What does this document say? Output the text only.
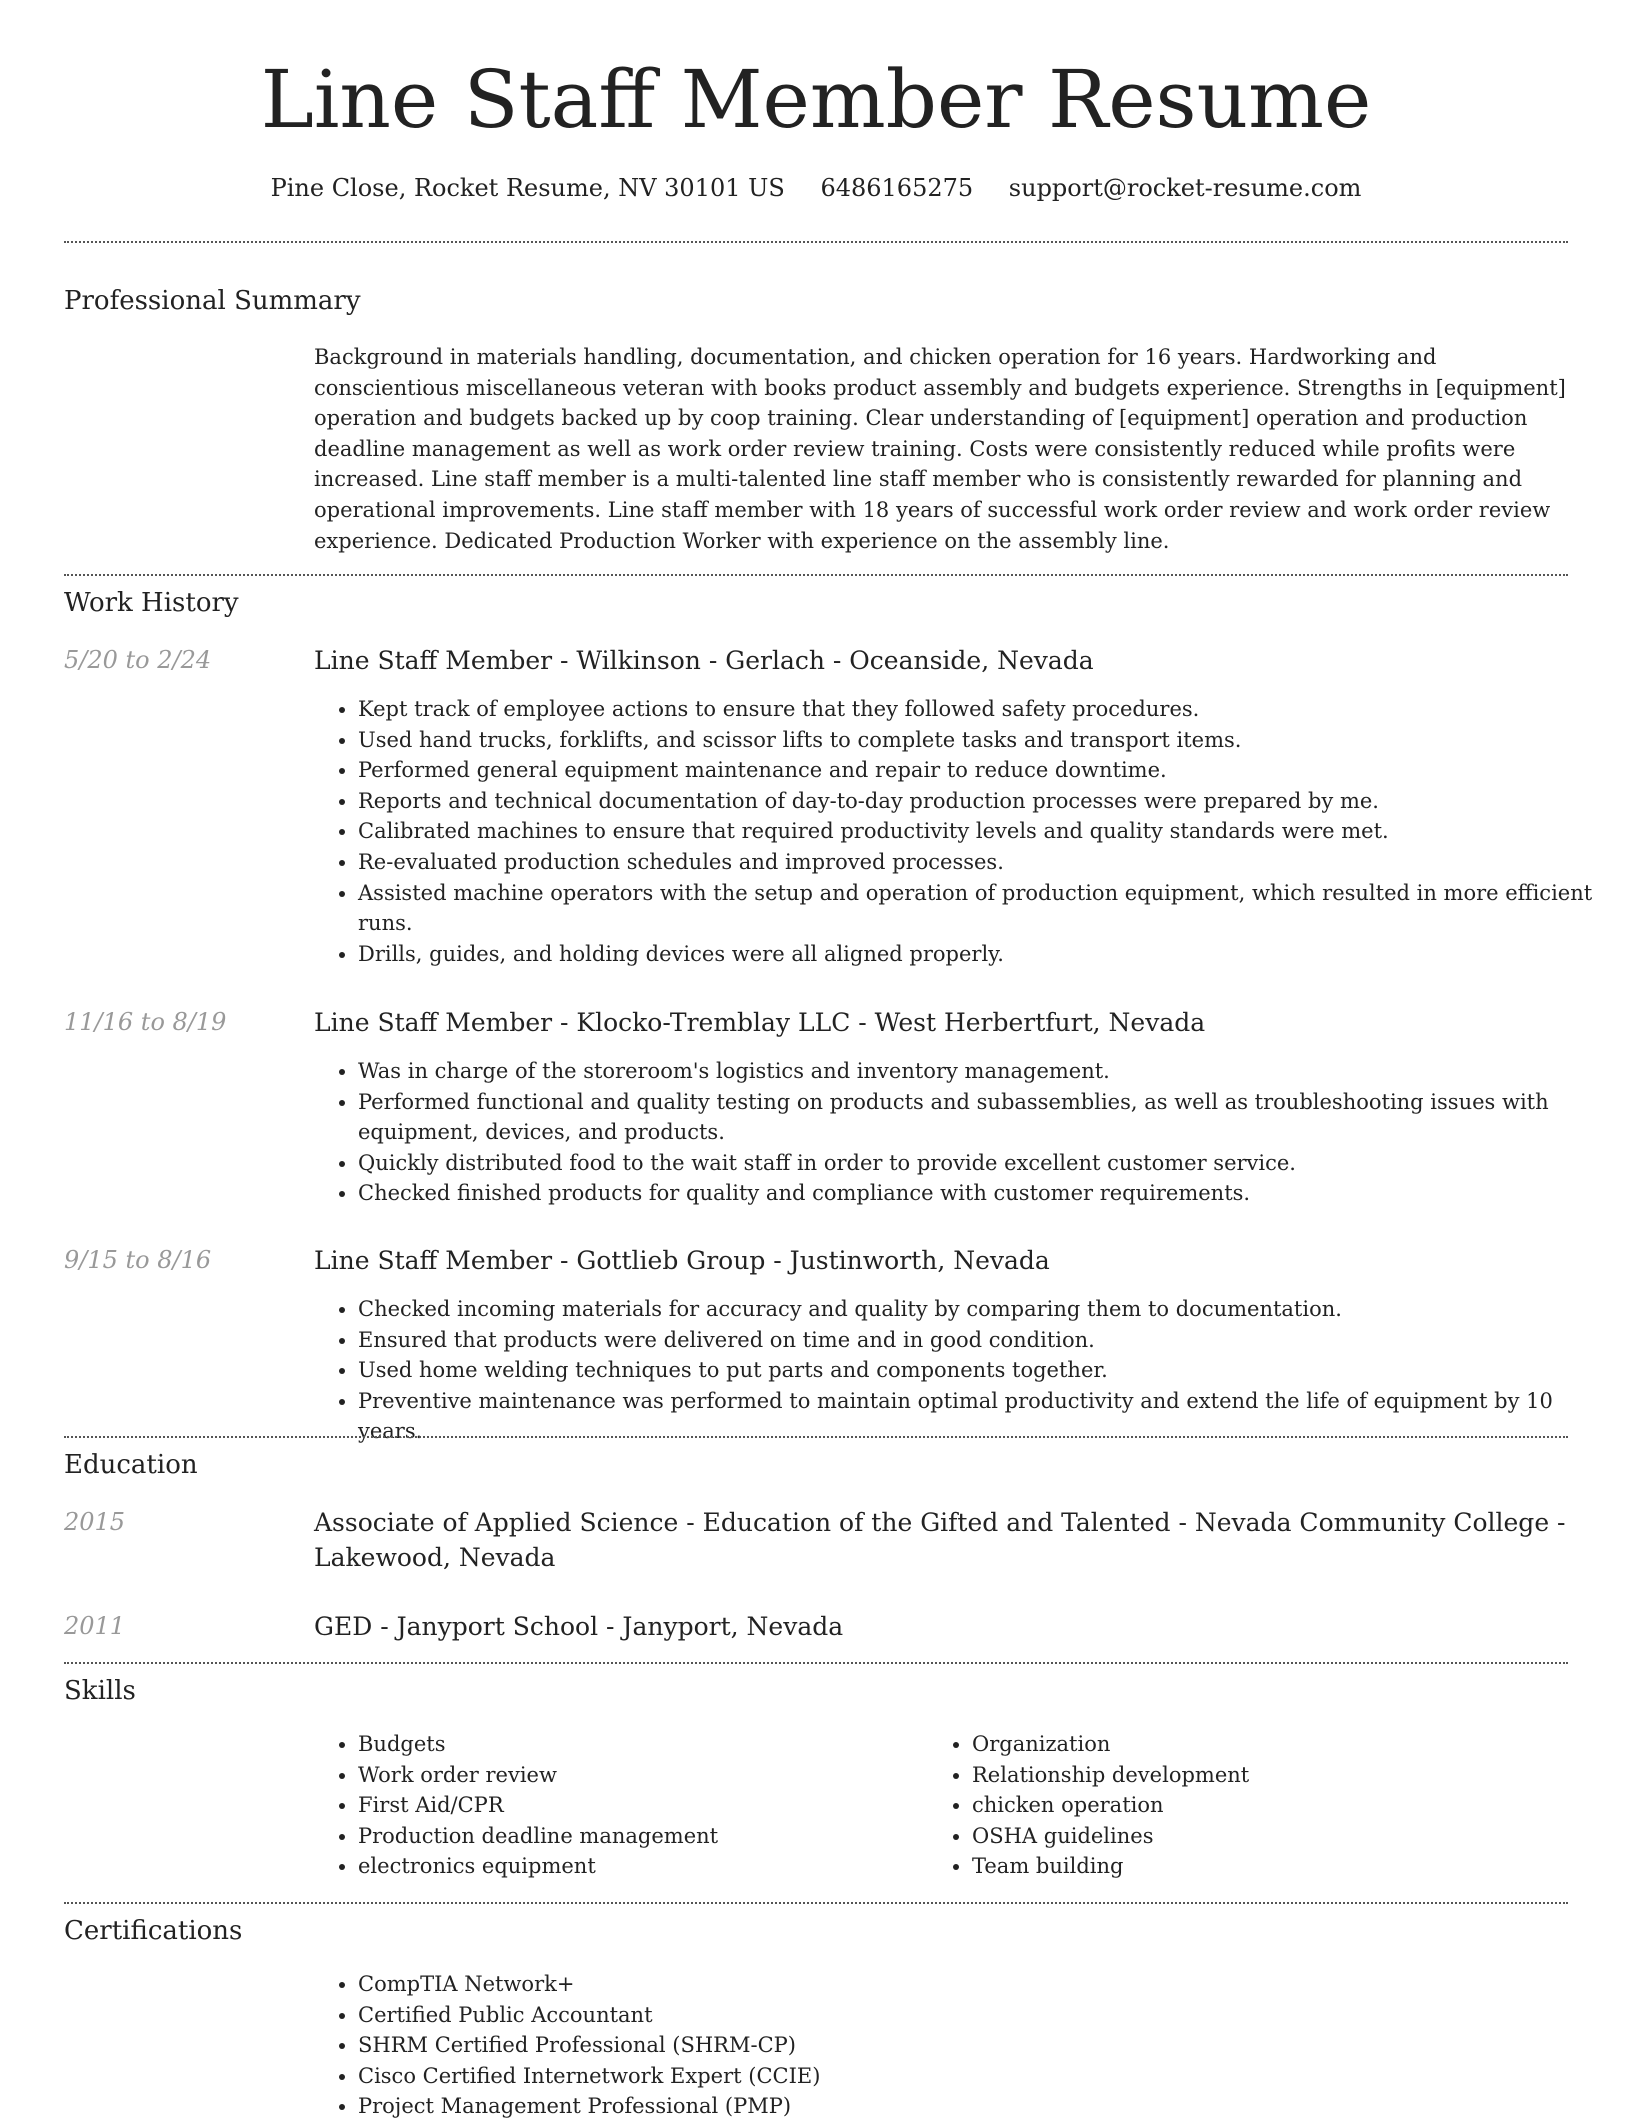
Line Staff Member Resume
Pine Close, Rocket Resume, NV 30101 US 6486165275 support@rocket-resume.com
Professional Summary

Background in materials handling, documentation, and chicken operation for 16 years. Hardworking and conscientious miscellaneous veteran with books product assembly and budgets experience. Strengths in [equipment] operation and budgets backed up by coop training. Clear understanding of [equipment] operation and production deadline management as well as work order review training. Costs were consistently reduced while profits were increased. Line staff member is a multi-talented line staff member who is consistently rewarded for planning and operational improvements. Line staff member with 18 years of successful work order review and work order review experience. Dedicated Production Worker with experience on the assembly line.

Work History
5/20 to 2/24	Line Staff Member - Wilkinson - Gerlach - Oceanside, Nevada
• Kept track of employee actions to ensure that they followed safety procedures.
• Used hand trucks, forklifts, and scissor lifts to complete tasks and transport items.
• Performed general equipment maintenance and repair to reduce downtime.
• Reports and technical documentation of day-to-day production processes were prepared by me.
• Calibrated machines to ensure that required productivity levels and quality standards were met.
• Re-evaluated production schedules and improved processes.
• Assisted machine operators with the setup and operation of production equipment, which resulted in more efficient runs.
• Drills, guides, and holding devices were all aligned properly.
11/16 to 8/19	Line Staff Member - Klocko-Tremblay LLC - West Herbertfurt, Nevada
• Was in charge of the storeroom's logistics and inventory management.
• Performed functional and quality testing on products and subassemblies, as well as troubleshooting issues with equipment, devices, and products.
• Quickly distributed food to the wait staff in order to provide excellent customer service.
• Checked finished products for quality and compliance with customer requirements.
9/15 to 8/16	Line Staff Member - Gottlieb Group - Justinworth, Nevada
• Checked incoming materials for accuracy and quality by comparing them to documentation.
• Ensured that products were delivered on time and in good condition.
• Used home welding techniques to put parts and components together.
• Preventive maintenance was performed to maintain optimal productivity and extend the life of equipment by 10 years.
Education
2015	Associate of Applied Science - Education of the Gifted and Talented - Nevada Community College - Lakewood, Nevada
2011	GED - Janyport School - Janyport, Nevada
Skills
• Budgets
• Work order review
• First Aid/CPR
• Production deadline management
• electronics equipment
• Organization
• Relationship development
• chicken operation
• OSHA guidelines
• Team building
Certifications
• CompTIA Network+
• Certified Public Accountant
• SHRM Certified Professional (SHRM-CP)
• Cisco Certified Internetwork Expert (CCIE)
• Project Management Professional (PMP)
